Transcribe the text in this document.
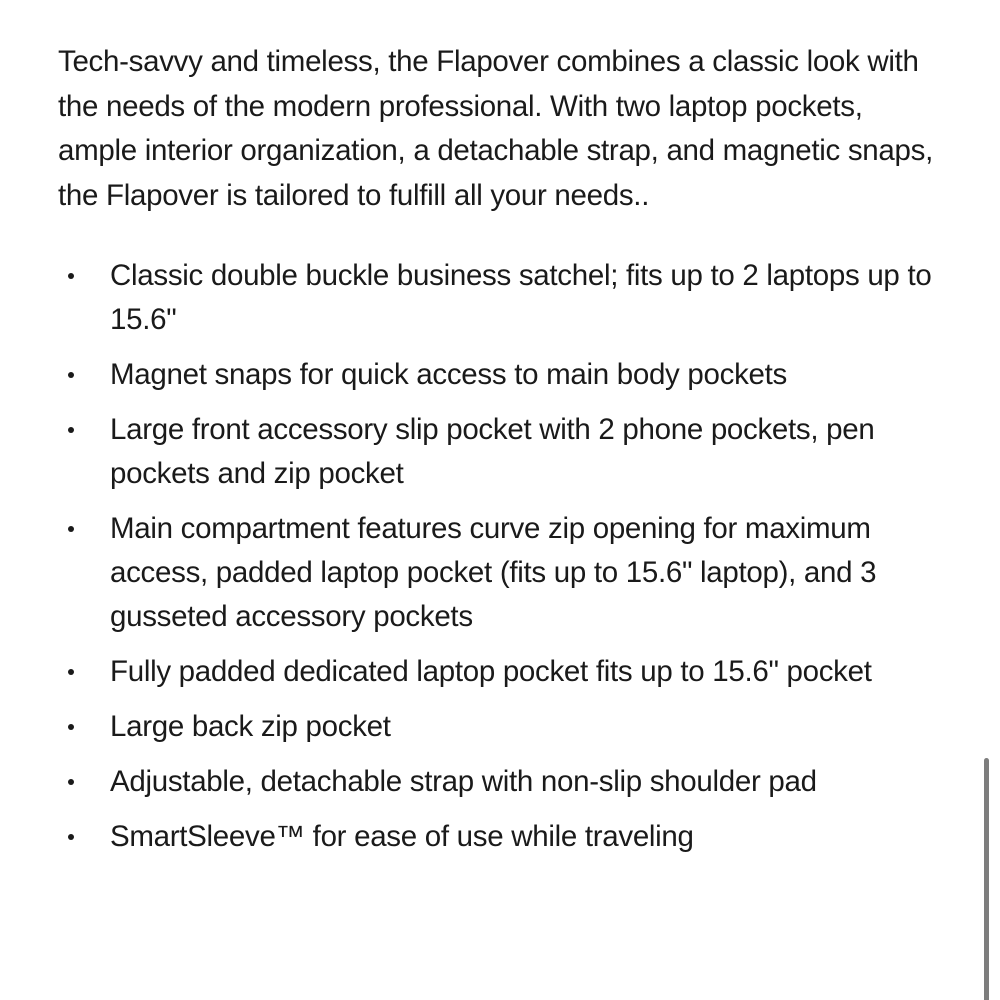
Tech-savvy and timeless, the Flapover combines a classic look with the needs of the modern professional. With two laptop pockets, ample interior organization, a detachable strap, and magnetic snaps, the Flapover is tailored to fulfill all your needs..

Classic double buckle business satchel; fits up to 2 laptops up to 15.6"
Magnet snaps for quick access to main body pockets
Large front accessory slip pocket with 2 phone pockets, pen pockets and zip pocket
Main compartment features curve zip opening for maximum access, padded laptop pocket (fits up to 15.6" laptop), and 3 gusseted accessory pockets
Fully padded dedicated laptop pocket fits up to 15.6" pocket
Large back zip pocket
Adjustable, detachable strap with non-slip shoulder pad
SmartSleeve™ for ease of use while traveling
